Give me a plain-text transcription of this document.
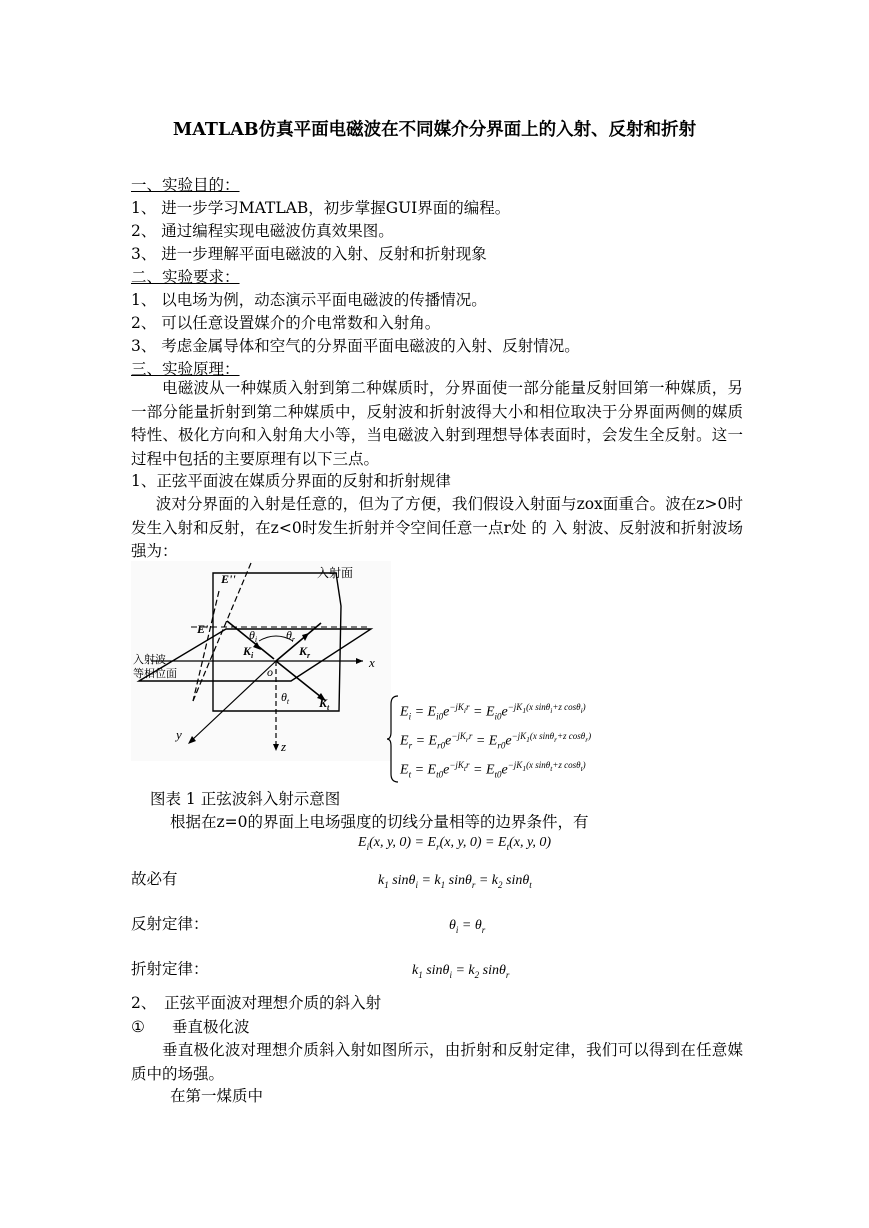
MATLAB仿真平面电磁波在不同媒介分界面上的入射、反射和折射
一、实验目的：
1、 进一步学习MATLAB，初步掌握GUI界面的编程。
2、 通过编程实现电磁波仿真效果图。
3、 进一步理解平面电磁波的入射、反射和折射现象
二、实验要求：
1、 以电场为例，动态演示平面电磁波的传播情况。
2、 可以任意设置媒介的介电常数和入射角。
3、 考虑金属导体和空气的分界面平面电磁波的入射、反射情况。
三、实验原理：
电磁波从一种媒质入射到第二种媒质时，分界面使一部分能量反射回第一种媒质，另一部分能量折射到第二种媒质中，反射波和折射波得大小和相位取决于分界面两侧的媒质特性、极化方向和入射角大小等，当电磁波入射到理想导体表面时，会发生全反射。这一过程中包括的主要原理有以下三点。
1、正弦平面波在媒质分界面的反射和折射规律
波对分界面的入射是任意的，但为了方便，我们假设入射面与zox面重合。波在z>0时发生入射和反射，在z<0时发生折射并令空间任意一点r处 的 入 射波、反射波和折射波场强为：
入射面
入射波
等相位面
E''
E'
x
y
z
o
$\theta_i$ $\theta_r$
$\theta_t$
$K_i$	$K_r$
$K_t$	$E_i = E_{i0}e^{-jK_ir} = E_{i0}e^{-jK_1(x sin\theta_i+z cos\theta_i)}$
$E_r = E_{r0}e^{-jK_rr} = E_{r0}e^{-jK_1(x sin\theta_r+z cos\theta_r)}$
$E_t = E_{t0}e^{-jK_tr} = E_{t0}e^{-jK_1(x sin\theta_t+z cos\theta_t)}$
图表 1 正弦波斜入射示意图
根据在z=0的界面上电场强度的切线分量相等的边界条件，有
$E_i(x$, y, $0) = E_r(x$, y, $0) = E_t(x$, y, 0)
故必有	$k_1$ $\sin\theta_i = k_1$ $\sin\theta_r = k_2$ sinθ$_t$
反射定律：	$\theta_i = \theta_r$
折射定律：	$k_1$ $\sin\theta_i = k_2$ sinθ$_r$
2、　正弦平面波对理想介质的斜入射
① 垂直极化波
垂直极化波对理想介质斜入射如图所示，由折射和反射定律，我们可以得到在任意媒质中的场强。
在第一煤质中
